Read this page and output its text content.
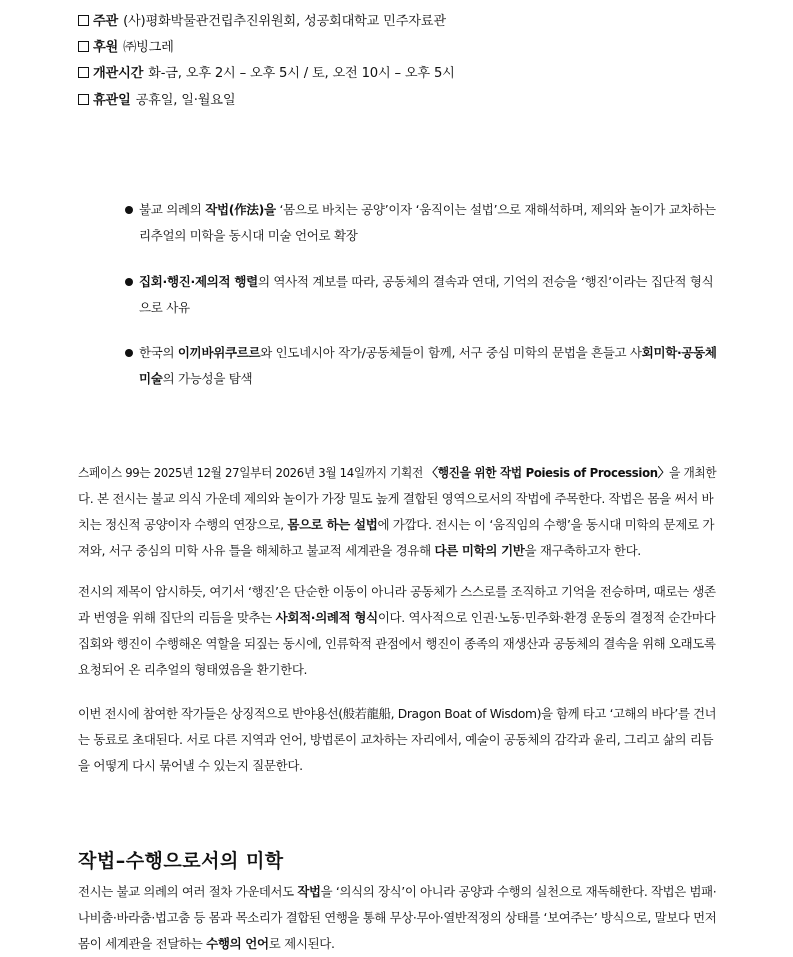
주관 (사)평화박물관건립추진위원회, 성공회대학교 민주자료관
후원 ㈜빙그레
개관시간 화-금, 오후 2시 – 오후 5시 / 토, 오전 10시 – 오후 5시
휴관일 공휴일, 일·월요일
불교 의례의 작법(作法)을 ‘몸으로 바치는 공양’이자 ‘움직이는 설법’으로 재해석하며, 제의와 놀이가 교차하는
리추얼의 미학을 동시대 미술 언어로 확장
집회·행진·제의적 행렬의 역사적 계보를 따라, 공동체의 결속과 연대, 기억의 전승을 ‘행진’이라는 집단적 형식
으로 사유
한국의 이끼바위쿠르르와 인도네시아 작가/공동체들이 함께, 서구 중심 미학의 문법을 흔들고 사회미학·공동체
미술의 가능성을 탐색
스페이스 99는 2025년 12월 27일부터 2026년 3월 14일까지 기획전 〈행진을 위한 작법 Poiesis of Procession〉을 개최한
다. 본 전시는 불교 의식 가운데 제의와 놀이가 가장 밀도 높게 결합된 영역으로서의 작법에 주목한다. 작법은 몸을 써서 바
치는 정신적 공양이자 수행의 연장으로, 몸으로 하는 설법에 가깝다. 전시는 이 ‘움직임의 수행’을 동시대 미학의 문제로 가
져와, 서구 중심의 미학 사유 틀을 해체하고 불교적 세계관을 경유해 다른 미학의 기반을 재구축하고자 한다.
전시의 제목이 암시하듯, 여기서 ‘행진’은 단순한 이동이 아니라 공동체가 스스로를 조직하고 기억을 전승하며, 때로는 생존
과 번영을 위해 집단의 리듬을 맞추는 사회적·의례적 형식이다. 역사적으로 인권·노동·민주화·환경 운동의 결정적 순간마다
집회와 행진이 수행해온 역할을 되짚는 동시에, 인류학적 관점에서 행진이 종족의 재생산과 공동체의 결속을 위해 오래도록
요청되어 온 리추얼의 형태였음을 환기한다.
이번 전시에 참여한 작가들은 상징적으로 반야용선(般若龍船, Dragon Boat of Wisdom)을 함께 타고 ‘고해의 바다’를 건너
는 동료로 초대된다. 서로 다른 지역과 언어, 방법론이 교차하는 자리에서, 예술이 공동체의 감각과 윤리, 그리고 삶의 리듬
을 어떻게 다시 묶어낼 수 있는지 질문한다.
작법–수행으로서의 미학
전시는 불교 의례의 여러 절차 가운데서도 작법을 ‘의식의 장식’이 아니라 공양과 수행의 실천으로 재독해한다. 작법은 범패·
나비춤·바라춤·법고춤 등 몸과 목소리가 결합된 연행을 통해 무상·무아·열반적정의 상태를 ‘보여주는’ 방식으로, 말보다 먼저
몸이 세계관을 전달하는 수행의 언어로 제시된다.
